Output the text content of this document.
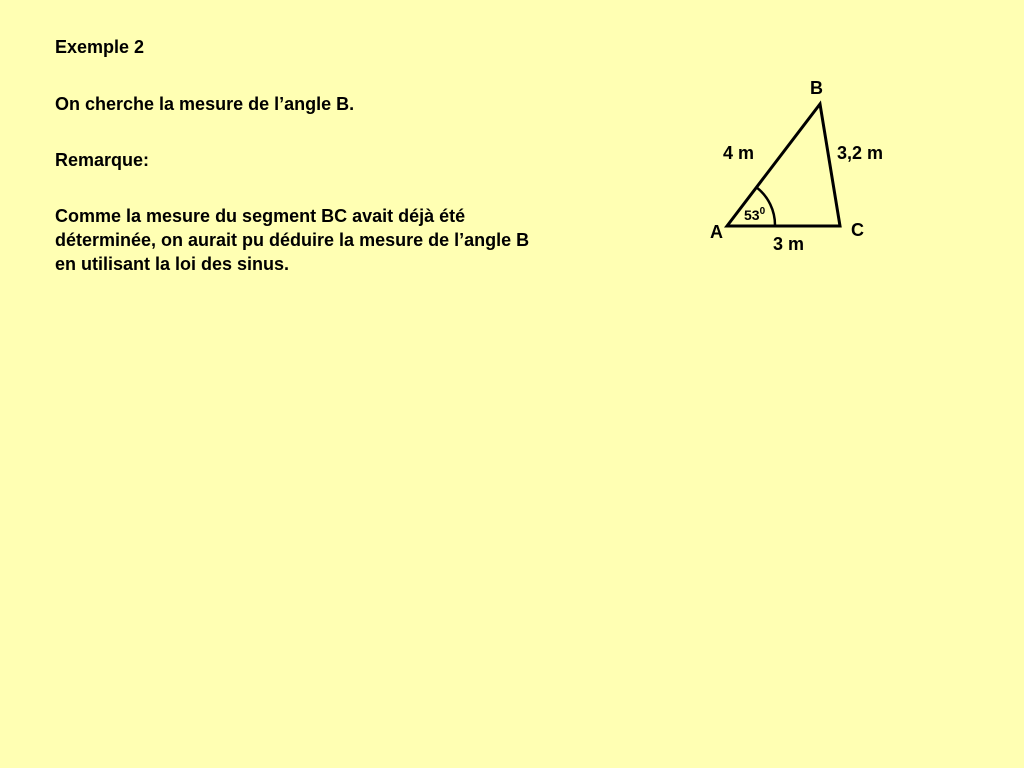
Exemple 2

On cherche la mesure de l’angle B.

Remarque:

Comme la mesure du segment BC avait déjà été
déterminée, on aurait pu déduire la mesure de l’angle B
en utilisant la loi des sinus.

B
A	C
4 m	3,2 m
3 m
$53^0$
